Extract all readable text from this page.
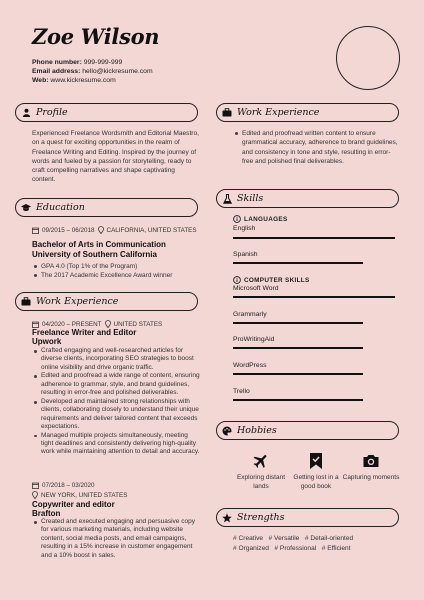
Zoe Wilson
Phone number: 999-999-999
Email address: hello@kickresume.com
Web: www.kickresume.com
Profile
Experienced Freelance Wordsmith and Editorial Maestro, on a quest for exciting opportunities in the realm of Freelance Writing and Editing. Inspired by the journey of words and fueled by a passion for storytelling, ready to craft compelling narratives and shape captivating content.
Education
09/2015 – 06/2018 CALIFORNIA, UNITED STATES
Bachelor of Arts in Communication
University of Southern California
GPA 4.0 (Top 1% of the Program)
The 2017 Academic Excellence Award winner
Work Experience
04/2020 – PRESENT UNITED STATES
Freelance Writer and Editor
Upwork
Crafted engaging and well-researched articles for diverse clients, incorporating SEO strategies to boost online visibility and drive organic traffic.
Edited and proofread a wide range of content, ensuring adherence to grammar, style, and brand guidelines, resulting in error-free and polished deliverables.
Developed and maintained strong relationships with clients, collaborating closely to understand their unique requirements and deliver tailored content that exceeds expectations.
Managed multiple projects simultaneously, meeting tight deadlines and consistently delivering high-quality work while maintaining attention to detail and accuracy.
07/2018 – 03/2020
NEW YORK, UNITED STATES
Copywriter and editor
Brafton
Created and executed engaging and persuasive copy for various marketing materials, including website content, social media posts, and email campaigns, resulting in a 15% increase in customer engagement and a 10% boost in sales.
Work Experience
Edited and proofread written content to ensure grammatical accuracy, adherence to brand guidelines, and consistency in tone and style, resulting in error-free and polished final deliverables.
Skills
LANGUAGES
English
Spanish
COMPUTER SKILLS
Microsoft Word
Grammarly
ProWritingAid
WordPress
Trello
Hobbies
Exploring distant lands
Getting lost in a good book
Capturing moments
Strengths
# Creative   # Versatile   # Detail-oriented
# Organized   # Professional   # Efficient
